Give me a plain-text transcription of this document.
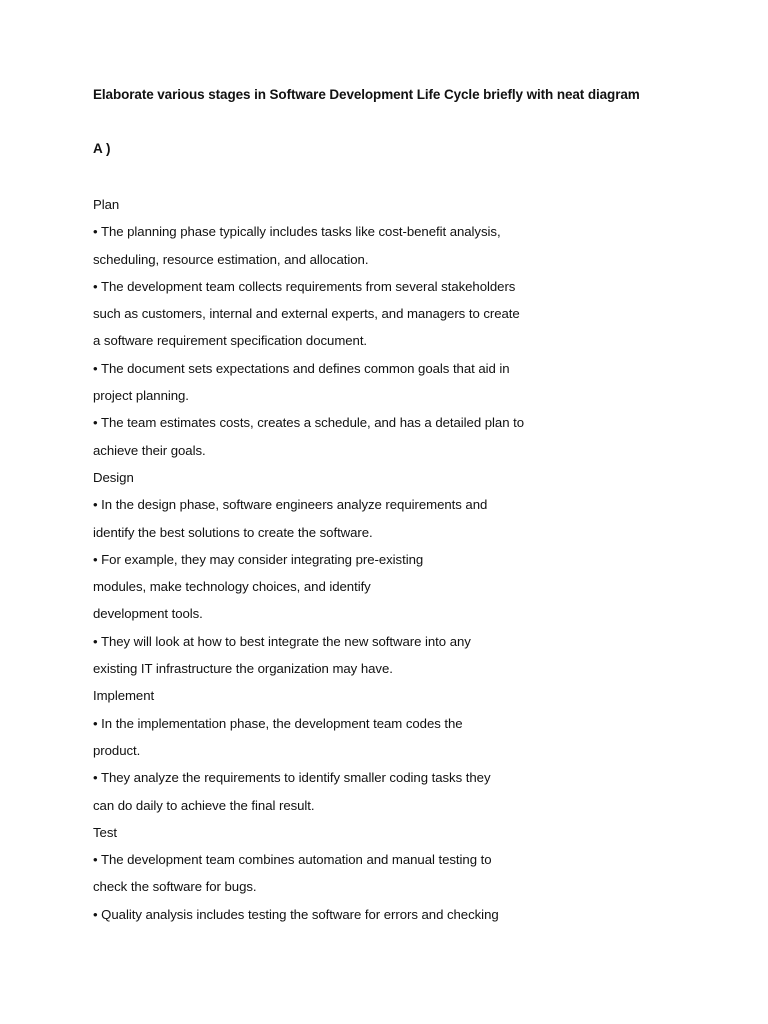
Elaborate various stages in Software Development Life Cycle briefly with neat diagram
A )
Plan
• The planning phase typically includes tasks like cost-benefit analysis,
scheduling, resource estimation, and allocation.
• The development team collects requirements from several stakeholders
such as customers, internal and external experts, and managers to create
a software requirement specification document.
• The document sets expectations and defines common goals that aid in
project planning.
• The team estimates costs, creates a schedule, and has a detailed plan to
achieve their goals.
Design
• In the design phase, software engineers analyze requirements and
identify the best solutions to create the software.
• For example, they may consider integrating pre-existing
modules, make technology choices, and identify
development tools.
• They will look at how to best integrate the new software into any
existing IT infrastructure the organization may have.
Implement
• In the implementation phase, the development team codes the
product.
• They analyze the requirements to identify smaller coding tasks they
can do daily to achieve the final result.
Test
• The development team combines automation and manual testing to
check the software for bugs.
• Quality analysis includes testing the software for errors and checking
